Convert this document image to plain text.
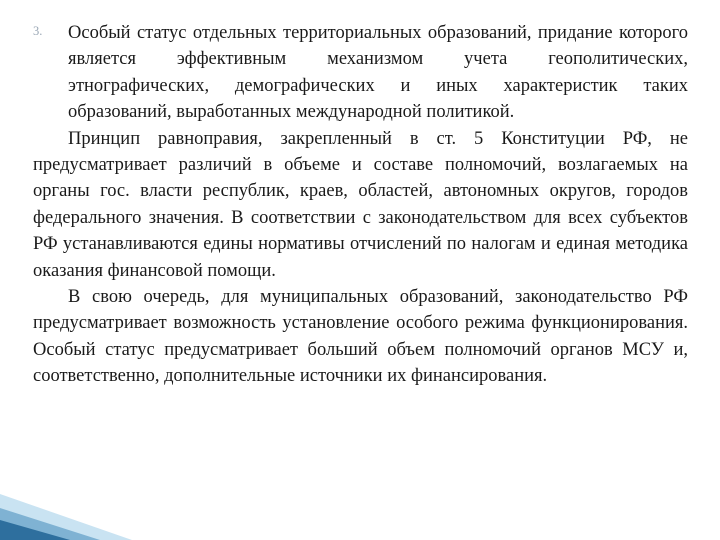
3. Особый статус отдельных территориальных образований, придание которого является эффективным механизмом учета геополитических, этнографических, демографических и иных характеристик таких образований, выработанных международной политикой.

Принцип равноправия, закрепленный в ст. 5 Конституции РФ, не предусматривает различий в объеме и составе полномочий, возлагаемых на органы гос. власти республик, краев, областей, автономных округов, городов федерального значения. В соответствии с законодательством для всех субъектов РФ устанавливаются едины нормативы отчислений по налогам и единая методика оказания финансовой помощи.

В свою очередь, для муниципальных образований, законодательство РФ предусматривает возможность установление особого режима функционирования. Особый статус предусматривает больший объем полномочий органов МСУ и, соответственно, дополнительные источники их финансирования.
